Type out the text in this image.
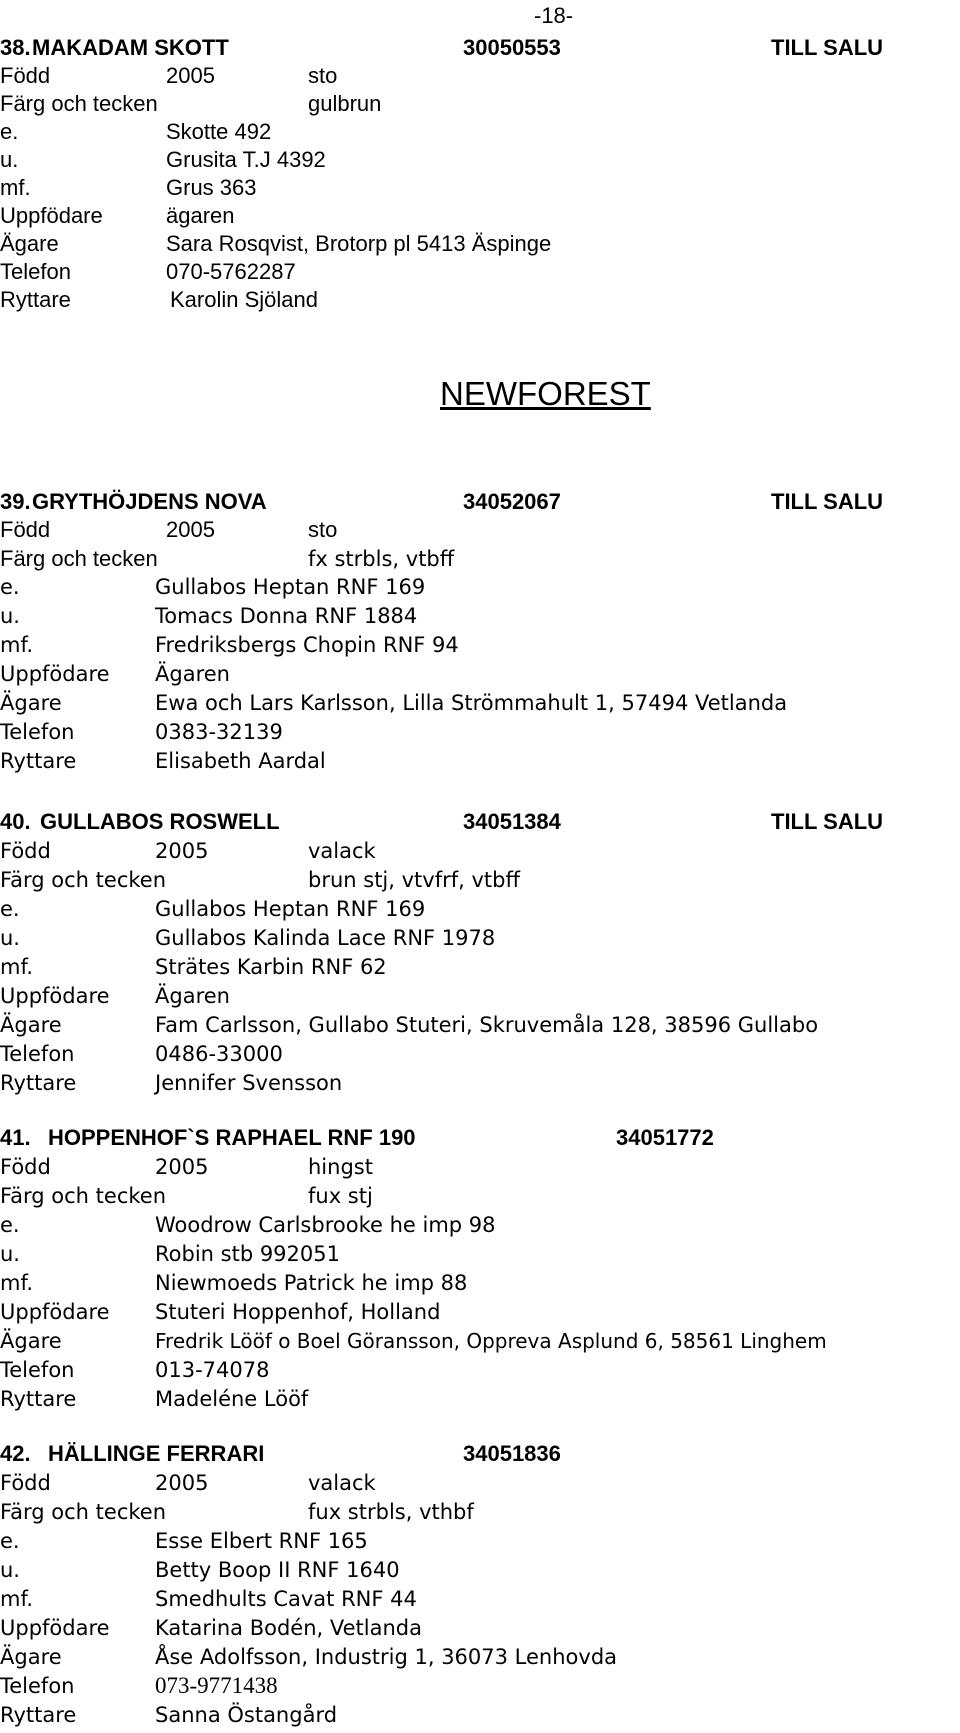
-18-
38. MAKADAM SKOTT	30050553	TILL SALU
Född	2005	sto
Färg och tecken	gulbrun
e.	Skotte 492
u.	Grusita T.J 4392
mf.	Grus 363
Uppfödare	ägaren
Ägare	Sara Rosqvist, Brotorp pl 5413 Äspinge
Telefon	070-5762287
Ryttare	Karolin Sjöland
NEWFOREST
39. GRYTHÖJDENS NOVA	34052067	TILL SALU
Född	2005	sto
Färg och tecken	fx strbls, vtbff
e.	Gullabos Heptan RNF 169
u.	Tomacs Donna RNF 1884
mf.	Fredriksbergs Chopin RNF 94
Uppfödare Ägaren
Ägare	Ewa och Lars Karlsson, Lilla Strömmahult 1, 57494 Vetlanda
Telefon	0383-32139
Ryttare	Elisabeth Aardal
40. GULLABOS ROSWELL	34051384	TILL SALU
Född	2005	valack
Färg och tecken	brun stj, vtvfrf, vtbff
e.	Gullabos Heptan RNF 169
u.	Gullabos Kalinda Lace RNF 1978
mf.	Strätes Karbin RNF 62
Uppfödare Ägaren
Ägare	Fam Carlsson, Gullabo Stuteri, Skruvemåla 128, 38596 Gullabo
Telefon	0486-33000
Ryttare	Jennifer Svensson
41. HOPPENHOF`S RAPHAEL RNF 190	34051772
Född	2005	hingst
Färg och tecken	fux stj
e.	Woodrow Carlsbrooke he imp 98
u.	Robin stb 992051
mf.	Niewmoeds Patrick he imp 88
Uppfödare Stuteri Hoppenhof, Holland
Ägare	Fredrik Lööf o Boel Göransson, Oppreva Asplund 6, 58561 Linghem
Telefon	013-74078
Ryttare	Madeléne Lööf
42. HÄLLINGE FERRARI	34051836
Född	2005	valack
Färg och tecken	fux strbls, vthbf
e.	Esse Elbert RNF 165
u.	Betty Boop II RNF 1640
mf.	Smedhults Cavat RNF 44
Uppfödare Katarina Bodén, Vetlanda
Ägare	Åse Adolfsson, Industrig 1, 36073 Lenhovda
Telefon	073-9771438
Ryttare	Sanna Östangård
